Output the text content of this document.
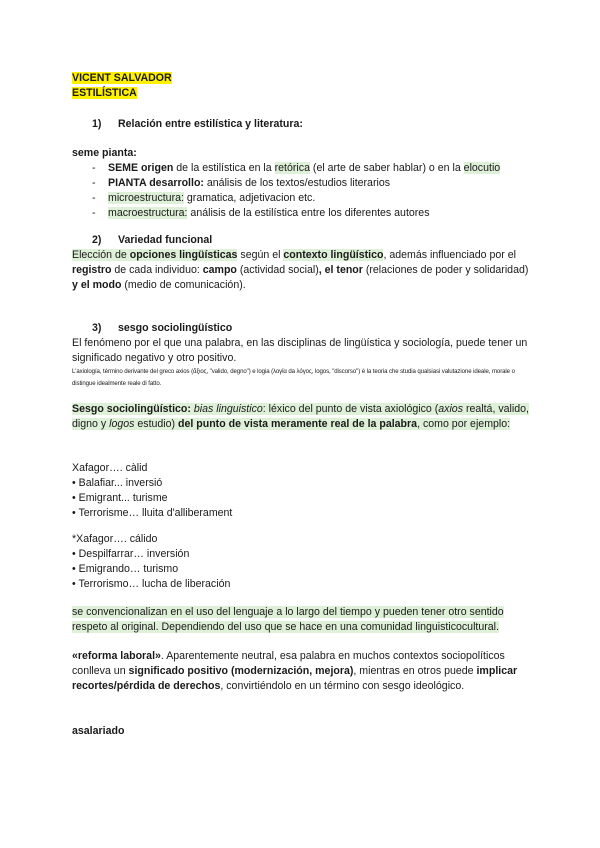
VICENT SALVADOR
ESTILÍSTICA
1) Relación entre estilística y literatura:
seme pianta:
- SEME origen de la estilística en la retórica (el arte de saber hablar) o en la elocutio
- PIANTA desarrollo: análisis de los textos/estudios literarios
- microestructura: gramatica, adjetivacion etc.
- macroestructura: análisis de la estilística entre los diferentes autores
2) Variedad funcional
Elección de opciones lingüísticas según el contexto lingüístico, además influenciado por el registro de cada individuo: campo (actividad social), el tenor (relaciones de poder y solidaridad) y el modo (medio de comunicación).
3) sesgo sociolingüístico
El fenómeno por el que una palabra, en las disciplinas de lingüística y sociología, puede tener un significado negativo y otro positivo.
L'axiología, término derivante del greco axios (ἄξιος, "valido, degno") e logia (λογία da λόγος, logos, "discorso") è la teoria che studia qualsiasi valutazione ideale, morale o distingue idealmente reale di fatto.
Sesgo sociolingüístico: bias linguistico: léxico del punto de vista axiológico (axios realtá, valido, digno y logos estudio) del punto de vista meramente real de la palabra, como por ejemplo:
Xafagor…. càlid
• Balafiar... inversió
• Emigrant... turisme
• Terrorisme… lluita d'alliberament
*Xafagor…. cálido
• Despilfarrar… inversión
• Emigrando… turismo
• Terrorismo… lucha de liberación
se convencionalizan en el uso del lenguaje a lo largo del tiempo y pueden tener otro sentido respeto al original. Dependiendo del uso que se hace en una comunidad linguisticocultural.
«reforma laboral». Aparentemente neutral, esa palabra en muchos contextos sociopolíticos conlleva un significado positivo (modernización, mejora), mientras en otros puede implicar recortes/pérdida de derechos, convirtiéndolo en un término con sesgo ideológico.
asalariado
